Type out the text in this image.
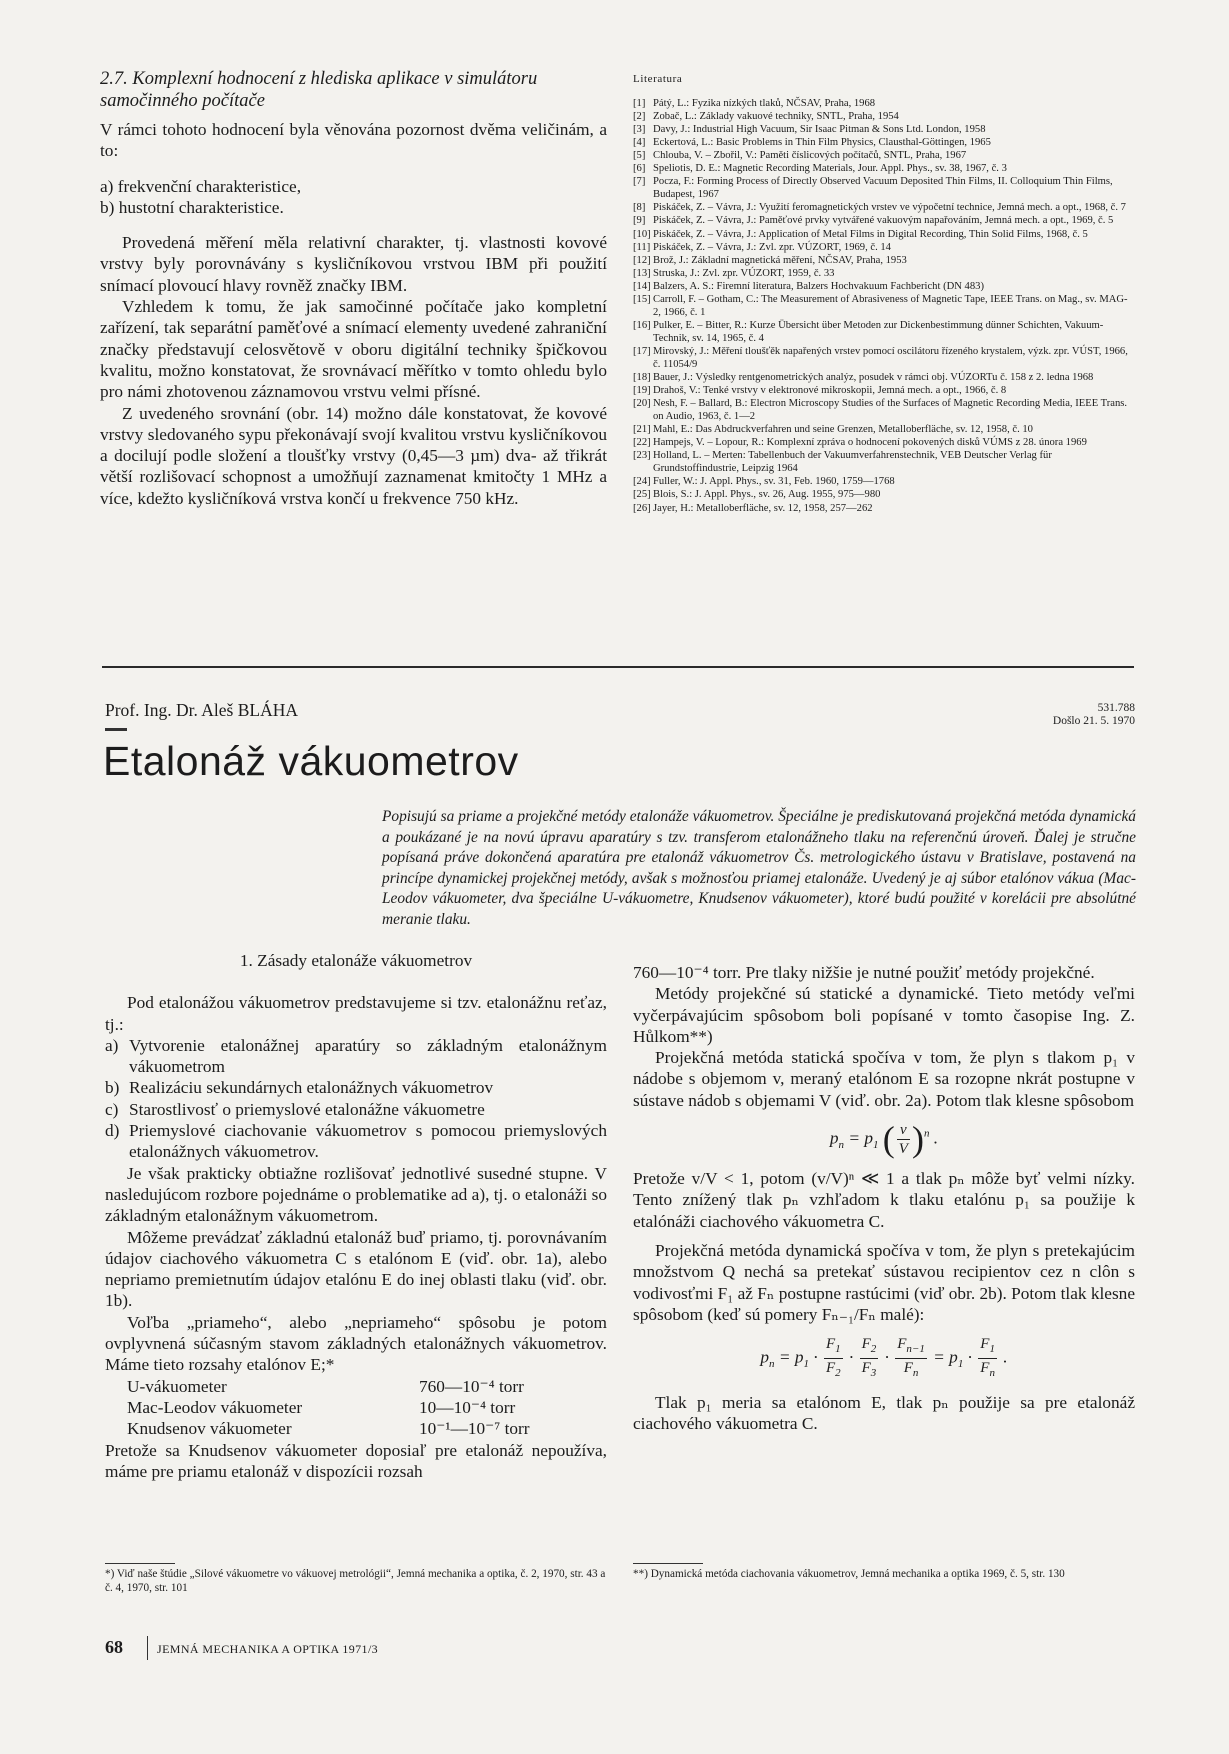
2.7. Komplexní hodnocení z hlediska aplikace v simulátoru samočinného počítače

V rámci tohoto hodnocení byla věnována pozornost dvěma veličinám, a to:

a) frekvenční charakteristice,

b) hustotní charakteristice.

Provedená měření měla relativní charakter, tj. vlastnosti kovové vrstvy byly porovnávány s kysličníkovou vrstvou IBM při použití snímací plovoucí hlavy rovněž značky IBM.

Vzhledem k tomu, že jak samočinné počítače jako kompletní zařízení, tak separátní paměťové a snímací elementy uvedené zahraniční značky představují celosvětově v oboru digitální techniky špičkovou kvalitu, možno konstatovat, že srovnávací měřítko v tomto ohledu bylo pro námi zhotovenou záznamovou vrstvu velmi přísné.

Z uvedeného srovnání (obr. 14) možno dále konstatovat, že kovové vrstvy sledovaného sypu překonávají svojí kvalitou vrstvu kysličníkovou a docilují podle složení a tloušťky vrstvy (0,45—3 µm) dva- až třikrát větší rozlišovací schopnost a umožňují zaznamenat kmitočty 1 MHz a více, kdežto kysličníková vrstva končí u frekvence 750 kHz.

Literatura
[1] Pátý, L.: Fyzika nízkých tlaků, NČSAV, Praha, 1968
[2] Zobač, L.: Základy vakuové techniky, SNTL, Praha, 1954
[3] Davy, J.: Industrial High Vacuum, Sir Isaac Pitman & Sons Ltd. London, 1958
[4] Eckertová, L.: Basic Problems in Thin Film Physics, Clausthal-Göttingen, 1965
[5] Chlouba, V. – Zbořil, V.: Paměti číslicových počítačů, SNTL, Praha, 1967
[6] Speliotis, D. E.: Magnetic Recording Materials, Jour. Appl. Phys., sv. 38, 1967, č. 3
[7] Pocza, F.: Forming Process of Directly Observed Vacuum Deposited Thin Films, II. Colloquium Thin Films, Budapest, 1967
[8] Piskáček, Z. – Vávra, J.: Využití feromagnetických vrstev ve výpočetní technice, Jemná mech. a opt., 1968, č. 7
[9] Piskáček, Z. – Vávra, J.: Paměťové prvky vytvářené vakuovým napařováním, Jemná mech. a opt., 1969, č. 5
[10] Piskáček, Z. – Vávra, J.: Application of Metal Films in Digital Recording, Thin Solid Films, 1968, č. 5
[11] Piskáček, Z. – Vávra, J.: Zvl. zpr. VÚZORT, 1969, č. 14
[12] Brož, J.: Základní magnetická měření, NČSAV, Praha, 1953
[13] Struska, J.: Zvl. zpr. VÚZORT, 1959, č. 33
[14] Balzers, A. S.: Firemní literatura, Balzers Hochvakuum Fachbericht (DN 483)
[15] Carroll, F. – Gotham, C.: The Measurement of Abrasiveness of Magnetic Tape, IEEE Trans. on Mag., sv. MAG-2, 1966, č. 1
[16] Pulker, E. – Bitter, R.: Kurze Übersicht über Metoden zur Dickenbestimmung dünner Schichten, Vakuum-Technik, sv. 14, 1965, č. 4
[17] Mirovský, J.: Měření tloušťěk napařených vrstev pomocí oscilátoru řízeného krystalem, výzk. zpr. VÚST, 1966, č. 11054/9
[18] Bauer, J.: Výsledky rentgenometrických analýz, posudek v rámci obj. VÚZORTu č. 158 z 2. ledna 1968
[19] Drahoš, V.: Tenké vrstvy v elektronové mikroskopii, Jemná mech. a opt., 1966, č. 8
[20] Nesh, F. – Ballard, B.: Electron Microscopy Studies of the Surfaces of Magnetic Recording Media, IEEE Trans. on Audio, 1963, č. 1—2
[21] Mahl, E.: Das Abdruckverfahren und seine Grenzen, Metalloberfläche, sv. 12, 1958, č. 10
[22] Hampejs, V. – Lopour, R.: Komplexní zpráva o hodnocení pokovených disků VÚMS z 28. února 1969
[23] Holland, L. – Merten: Tabellenbuch der Vakuumverfahrenstechnik, VEB Deutscher Verlag für Grundstoffindustrie, Leipzig 1964
[24] Fuller, W.: J. Appl. Phys., sv. 31, Feb. 1960, 1759—1768
[25] Blois, S.: J. Appl. Phys., sv. 26, Aug. 1955, 975—980
[26] Jayer, H.: Metalloberfläche, sv. 12, 1958, 257—262
Prof. Ing. Dr. Aleš BLÁHA
Etalonáž vákuometrov
531.788
Došlo 21. 5. 1970
Popisujú sa priame a projekčné metódy etalonáže vákuometrov. Špeciálne je prediskutovaná projekčná metóda dynamická a poukázané je na novú úpravu aparatúry s tzv. transferom etalonážneho tlaku na referenčnú úroveň. Ďalej je stručne popísaná práve dokončená aparatúra pre etalonáž vákuometrov Čs. metrologického ústavu v Bratislave, postavená na princípe dynamickej projekčnej metódy, avšak s možnosťou priamej etalonáže. Uvedený je aj súbor etalónov vákua (Mac-Leodov vákuometer, dva špeciálne U-vákuometre, Knudsenov vákuometer), ktoré budú použité v korelácii pre absolútné meranie tlaku.
1. Zásady etalonáže vákuometrov

Pod etalonážou vákuometrov predstavujeme si tzv. etalonážnu reťaz, tj.:

a) Vytvorenie etalonážnej aparatúry so základným etalonážnym vákuometrom
b) Realizáciu sekundárnych etalonážnych vákuometrov
c) Starostlivosť o priemyslové etalonážne vákuometre
d) Priemyslové ciachovanie vákuometrov s pomocou priemyslových etalonážnych vákuometrov.

Je však prakticky obtiažne rozlišovať jednotlivé susedné stupne. V nasledujúcom rozbore pojednáme o problematike ad a), tj. o etalonáži so základným etalonážnym vákuometrom.

Môžeme prevádzať základnú etalonáž buď priamo, tj. porovnávaním údajov ciachového vákuometra C s etalónom E (viď. obr. 1a), alebo nepriamo premietnutím údajov etalónu E do inej oblasti tlaku (viď. obr. 1b).

Voľba „priameho“, alebo „nepriameho“ spôsobu je potom ovplyvnená súčasným stavom základných etalonážnych vákuometrov. Máme tieto rozsahy etalónov E;*

U-vákuometer	760—10⁻⁴ torr
Mac-Leodov vákuometer	10—10⁻⁴ torr
Knudsenov vákuometer	10⁻¹—10⁻⁷ torr

Pretože sa Knudsenov vákuometer doposiaľ pre etalonáž nepoužíva, máme pre priamu etalonáž v dispozícii rozsah

760—10⁻⁴ torr. Pre tlaky nižšie je nutné použiť metódy projekčné.

Metódy projekčné sú statické a dynamické. Tieto metódy veľmi vyčerpávajúcim spôsobom boli popísané v tomto časopise Ing. Z. Hůlkom**)

Projekčná metóda statická spočíva v tom, že plyn s tlakom p₁ v nádobe s objemom v, meraný etalónom E sa rozopne nkrát postupne v sústave nádob s objemami V (viď. obr. 2a). Potom tlak klesne spôsobom

$p_n = p_1$ ( $\frac{v}{V} )^n$ .

Pretože v/V < 1, potom (v/V)ⁿ ≪ 1 a tlak pₙ môže byť velmi nízky. Tento znížený tlak pₙ vzhľadom k tlaku etalónu p₁ sa použije k etalónáži ciachového vákuometra C.

Projekčná metóda dynamická spočíva v tom, že plyn s pretekajúcim množstvom Q nechá sa pretekať sústavou recipientov cez n clôn s vodivosťmi F₁ až Fₙ postupne rastúcimi (viď obr. 2b). Potom tlak klesne spôsobom (keď sú pomery Fₙ₋₁/Fₙ malé):

$p_n = p_1 \cdot \frac{F_1}{F_2} \cdot \frac{F_2}{F_3} \cdot \frac{F_{n-1}}{F_n} = p_1 \cdot \frac{F_1}{F_n}$ .

Tlak p₁ meria sa etalónom E, tlak pₙ použije sa pre etalonáž ciachového vákuometra C.

*) Viď naše štúdie „Silové vákuometre vo vákuovej metrológii“, Jemná mechanika a optika, č. 2, 1970, str. 43 a č. 4, 1970, str. 101
**) Dynamická metóda ciachovania vákuometrov, Jemná mechanika a optika 1969, č. 5, str. 130
68	JEMNÁ MECHANIKA A OPTIKA 1971/3
